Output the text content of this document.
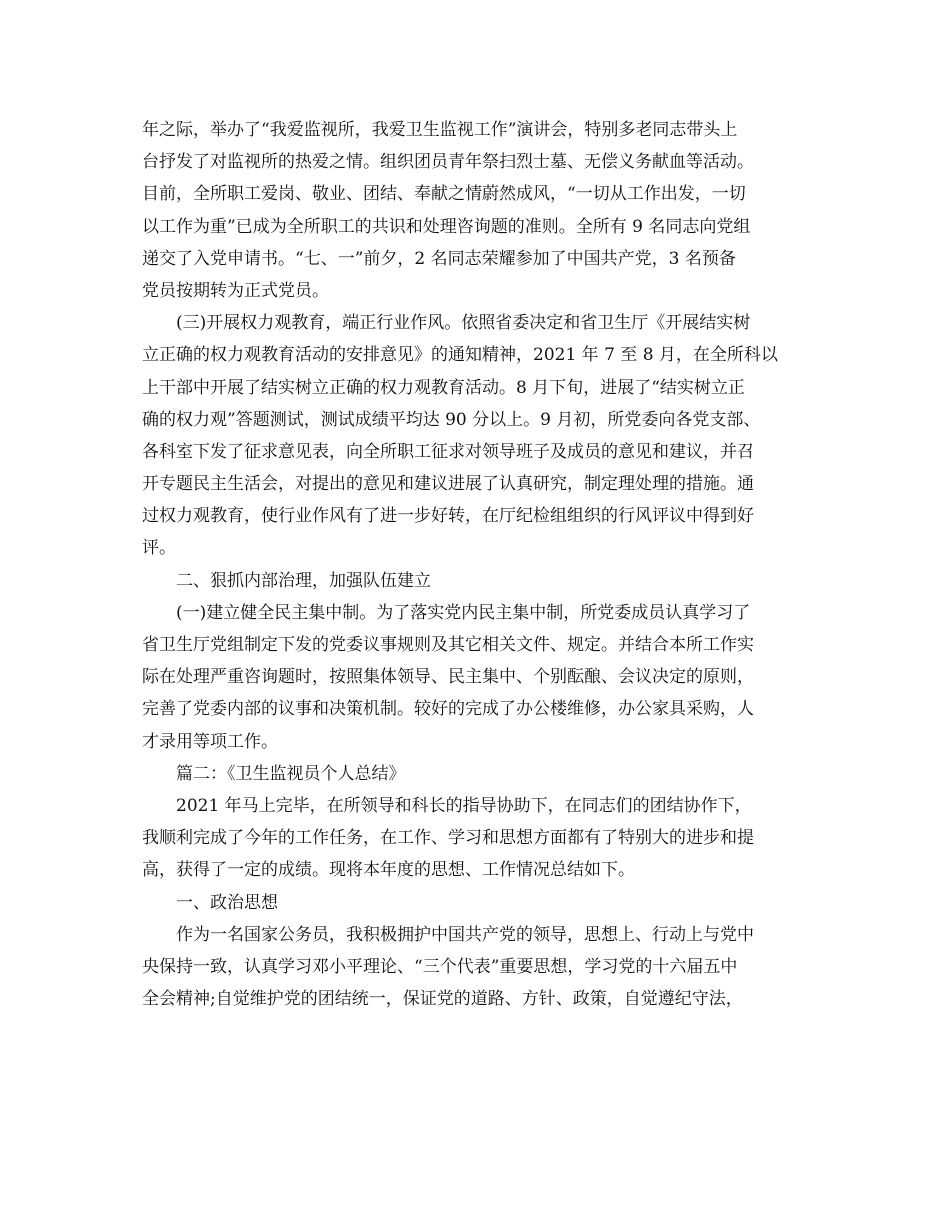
年之际，举办了“我爱监视所，我爱卫生监视工作”演讲会，特别多老同志带头上
台抒发了对监视所的热爱之情。组织团员青年祭扫烈士墓、无偿义务献血等活动。
目前，全所职工爱岗、敬业、团结、奉献之情蔚然成风，“一切从工作出发，一切
以工作为重”已成为全所职工的共识和处理咨询题的准则。全所有 9 名同志向党组
递交了入党申请书。“七、一”前夕，2 名同志荣耀参加了中国共产党，3 名预备
党员按期转为正式党员。
(三)开展权力观教育，端正行业作风。依照省委决定和省卫生厅《开展结实树
立正确的权力观教育活动的安排意见》的通知精神，2021 年 7 至 8 月，在全所科以
上干部中开展了结实树立正确的权力观教育活动。8 月下旬，进展了“结实树立正
确的权力观”答题测试，测试成绩平均达 90 分以上。9 月初，所党委向各党支部、
各科室下发了征求意见表，向全所职工征求对领导班子及成员的意见和建议，并召
开专题民主生活会，对提出的意见和建议进展了认真研究，制定理处理的措施。通
过权力观教育，使行业作风有了进一步好转，在厅纪检组组织的行风评议中得到好
评。
二、狠抓内部治理，加强队伍建立
(一)建立健全民主集中制。为了落实党内民主集中制，所党委成员认真学习了
省卫生厅党组制定下发的党委议事规则及其它相关文件、规定。并结合本所工作实
际在处理严重咨询题时，按照集体领导、民主集中、个别酝酿、会议决定的原则，
完善了党委内部的议事和决策机制。较好的完成了办公楼维修，办公家具采购，人
才录用等项工作。
篇二：《卫生监视员个人总结》
2021 年马上完毕，在所领导和科长的指导协助下，在同志们的团结协作下，
我顺利完成了今年的工作任务，在工作、学习和思想方面都有了特别大的进步和提
高，获得了一定的成绩。现将本年度的思想、工作情况总结如下。
一、政治思想
作为一名国家公务员，我积极拥护中国共产党的领导，思想上、行动上与党中
央保持一致，认真学习邓小平理论、“三个代表”重要思想，学习党的十六届五中
全会精神;自觉维护党的团结统一，保证党的道路、方针、政策，自觉遵纪守法，
